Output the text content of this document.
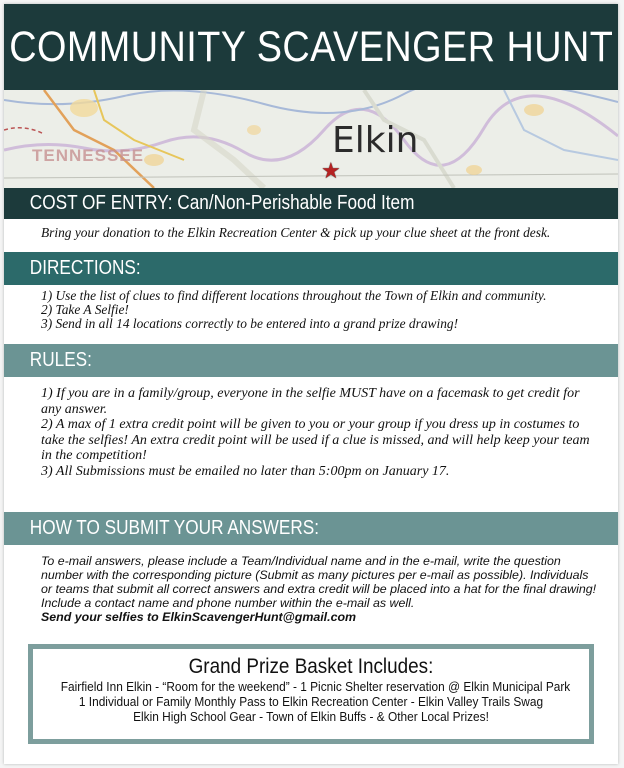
COMMUNITY SCAVENGER HUNT
TENNESSEE	Elkin
★
COST OF ENTRY: Can/Non-Perishable Food Item

Bring your donation to the Elkin Recreation Center & pick up your clue sheet at the front desk.

DIRECTIONS:

1) Use the list of clues to find different locations throughout the Town of Elkin and community.

2) Take A Selfie!

3) Send in all 14 locations correctly to be entered into a grand prize drawing!

RULES:

1) If you are in a family/group, everyone in the selfie MUST have on a facemask to get credit for any answer.

2) A max of 1 extra credit point will be given to you or your group if you dress up in costumes to take the selfies! An extra credit point will be used if a clue is missed, and will help keep your team in the competition!

3) All Submissions must be emailed no later than 5:00pm on January 17.

HOW TO SUBMIT YOUR ANSWERS:

To e-mail answers, please include a Team/Individual name and in the e-mail, write the question number with the corresponding picture (Submit as many pictures per e-mail as possible). Individuals or teams that submit all correct answers and extra credit will be placed into a hat for the final drawing! Include a contact name and phone number within the e-mail as well.

Send your selfies to ElkinScavengerHunt@gmail.com

Grand Prize Basket Includes:
Fairfield Inn Elkin - “Room for the weekend” - 1 Picnic Shelter reservation @ Elkin Municipal Park
1 Individual or Family Monthly Pass to Elkin Recreation Center - Elkin Valley Trails Swag
Elkin High School Gear - Town of Elkin Buffs - & Other Local Prizes!
